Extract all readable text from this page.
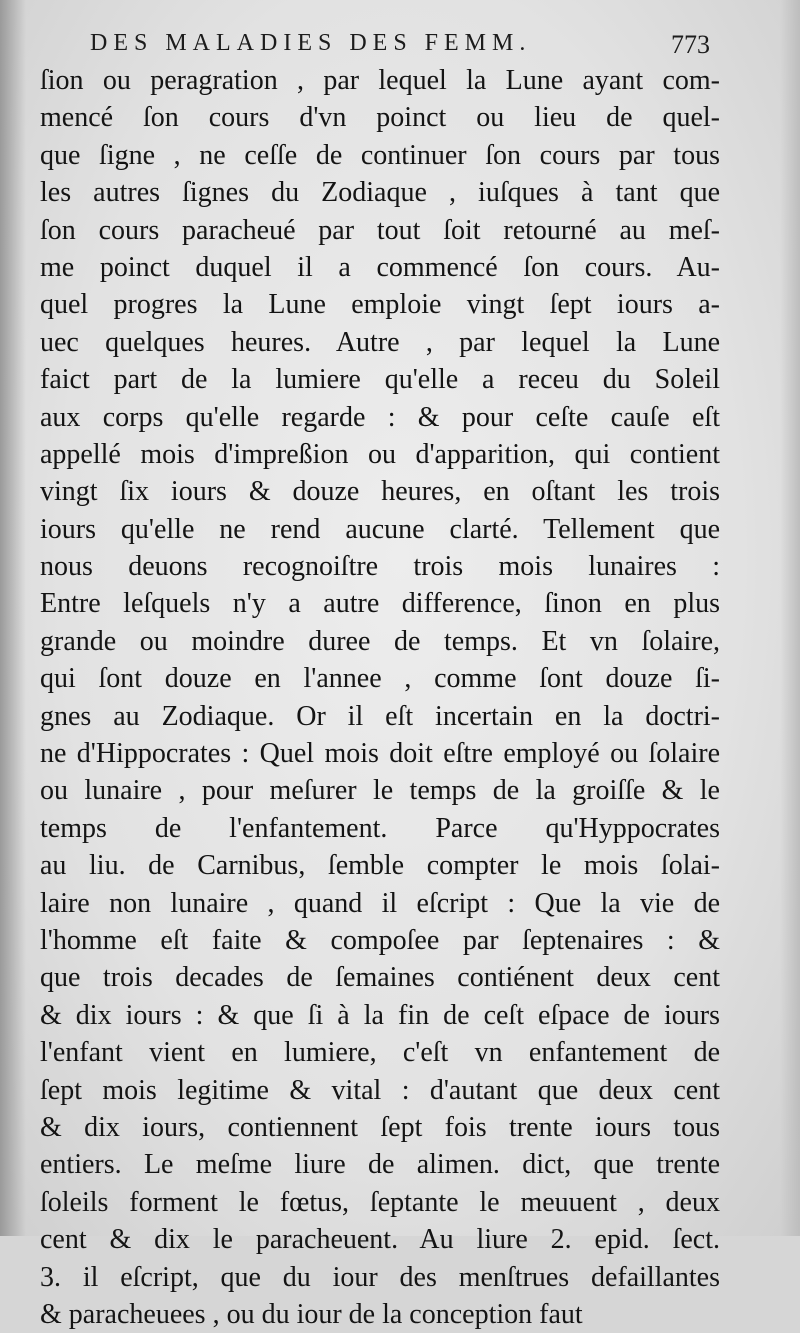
DES MALADIES DES FEMM.	773
ſion ou peragration , par lequel la Lune ayant com-
mencé ſon cours d'vn poinct ou lieu de quel-
que ſigne , ne ceſſe de continuer ſon cours par tous
les autres ſignes du Zodiaque , iuſques à tant que
ſon cours paracheué par tout ſoit retourné au meſ-
me poinct duquel il a commencé ſon cours. Au-
quel progres la Lune emploie vingt ſept iours a-
uec quelques heures. Autre , par lequel la Lune
faict part de la lumiere qu'elle a receu du Soleil
aux corps qu'elle regarde : & pour ceſte cauſe eſt
appellé mois d'impreßion ou d'apparition, qui contient
vingt ſix iours & douze heures, en oſtant les trois
iours qu'elle ne rend aucune clarté. Tellement que
nous deuons recognoiſtre trois mois lunaires :
Entre leſquels n'y a autre difference, ſinon en plus
grande ou moindre duree de temps. Et vn ſolaire,
qui ſont douze en l'annee , comme ſont douze ſi-
gnes au Zodiaque. Or il eſt incertain en la doctri-
ne d'Hippocrates : Quel mois doit eſtre employé ou ſolaire
ou lunaire , pour meſurer le temps de la groiſſe & le
temps de l'enfantement. Parce qu'Hyppocrates
au liu. de Carnibus, ſemble compter le mois ſolai-
laire non lunaire , quand il eſcript : Que la vie de
l'homme eſt faite & compoſee par ſeptenaires : &
que trois decades de ſemaines contiénent deux cent
& dix iours : & que ſi à la fin de ceſt eſpace de iours
l'enfant vient en lumiere, c'eſt vn enfantement de
ſept mois legitime & vital : d'autant que deux cent
& dix iours, contiennent ſept fois trente iours tous
entiers. Le meſme liure de alimen. dict, que trente
ſoleils forment le fœtus, ſeptante le meuuent , deux
cent & dix le paracheuent. Au liure 2. epid. ſect.
3. il eſcript, que du iour des menſtrues defaillantes
& paracheuees , ou du iour de la conception faut
